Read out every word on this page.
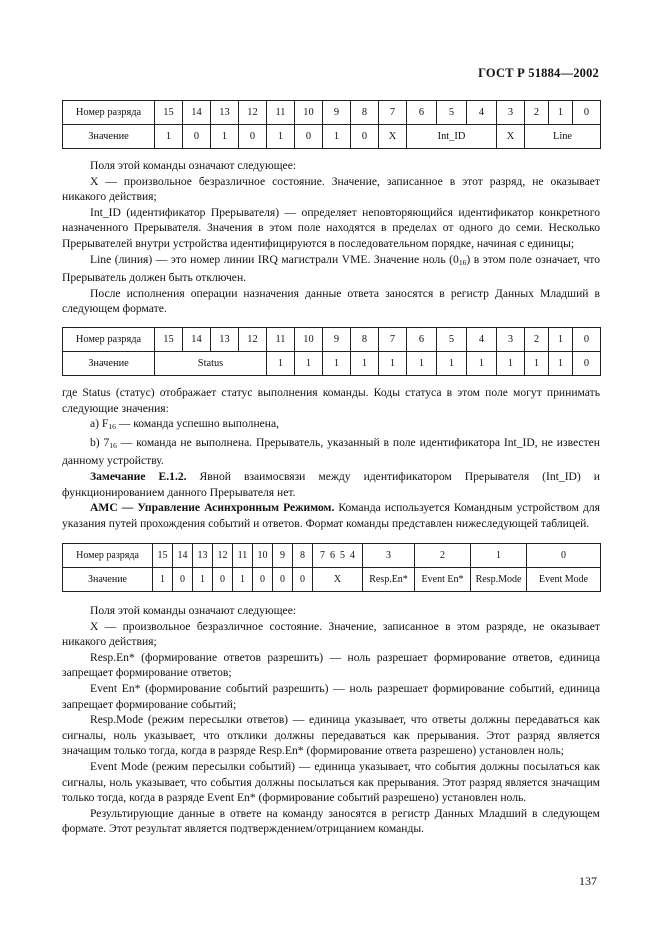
ГОСТ Р 51884—2002
Номер разряда	15	14	13	12	11	10	9	8	7	6	5	4	3	2	1	0
Значение	1	0	1	0	1	0	1	0	X	Int_ID			X	Line		

Поля этой команды означают следующее:

X — произвольное безразличное состояние. Значение, записанное в этот разряд, не оказывает никакого действия;

Int_ID (идентификатор Прерывателя) — определяет неповторяющийся идентификатор конкретного назначенного Прерывателя. Значения в этом поле находятся в пределах от одного до семи. Несколько Прерывателей внутри устройства идентифицируются в последовательном порядке, начиная с единицы;

Line (линия) — это номер линии IRQ магистрали VME. Значение ноль $(0_{16})$ в этом поле означает, что Прерыватель должен быть отключен.

После исполнения операции назначения данные ответа заносятся в регистр Данных Младший в следующем формате.

Номер разряда	15	14	13	12	11	10	9	8	7	6	5	4	3	2	1	0
Значение	Status				1	1	1	1	1	1	1	1	1	1	1	0

где Status (статус) отображает статус выполнения команды. Коды статуса в этом поле могут принимать следующие значения:

a) $F_{16}$ — команда успешно выполнена,

b) $7_{16}$ — команда не выполнена. Прерыватель, указанный в поле идентификатора Int_ID, не известен данному устройству.

Замечание Е.1.2. Явной взаимосвязи между идентификатором Прерывателя (Int_ID) и функционированием данного Прерывателя нет.

АМС — Управление Асинхронным Режимом. Команда используется Командным устройством для указания путей прохождения событий и ответов. Формат команды представлен нижеследующей таблицей.

Номер разряда	15	14	13	12	11	10	9	8	7  6  5  4	3	2	1	0
Значение	1	0	1	0	1	0	0	0	X	Resp.En*	Event En*	Resp.Mode	Event Mode

Поля этой команды означают следующее:

X — произвольное безразличное состояние. Значение, записанное в этом разряде, не оказывает никакого действия;

Resp.En* (формирование ответов разрешить) — ноль разрешает формирование ответов, единица запрещает формирование ответов;

Event En* (формирование событий разрешить) — ноль разрешает формирование событий, единица запрещает формирование событий;

Resp.Mode (режим пересылки ответов) — единица указывает, что ответы должны передаваться как сигналы, ноль указывает, что отклики должны передаваться как прерывания. Этот разряд является значащим только тогда, когда в разряде Resp.En* (формирование ответа разрешено) установлен ноль;

Event Mode (режим пересылки событий) — единица указывает, что события должны посылаться как сигналы, ноль указывает, что события должны посылаться как прерывания. Этот разряд является значащим только тогда, когда в разряде Event En* (формирование событий разрешено) установлен ноль.

Результирующие данные в ответе на команду заносятся в регистр Данных Младший в следующем формате. Этот результат является подтверждением/отрицанием команды.

137
